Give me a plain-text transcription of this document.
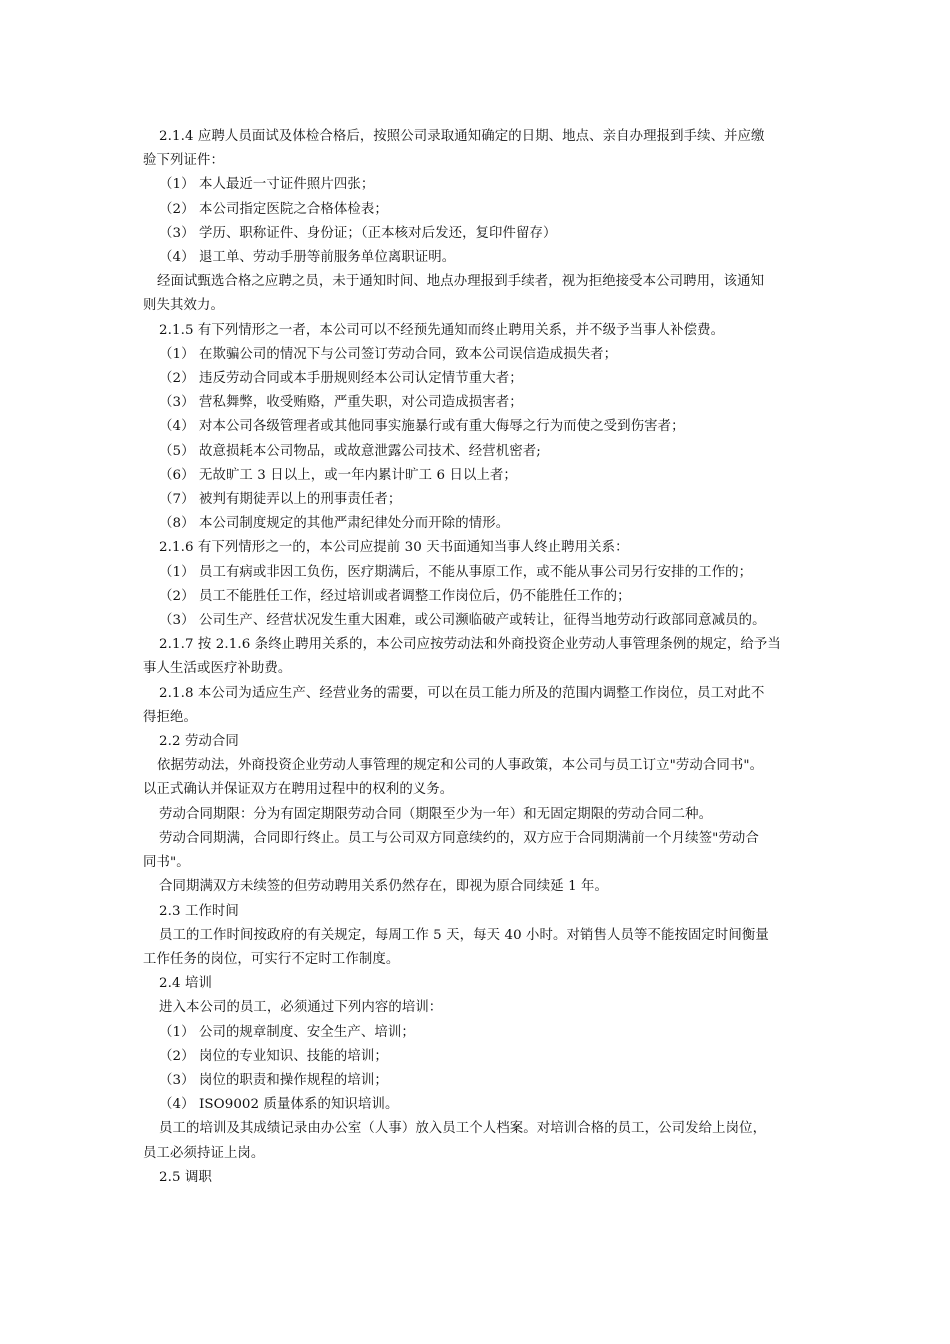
2.1.4 应聘人员面试及体检合格后，按照公司录取通知确定的日期、地点、亲自办理报到手续、并应缴
验下列证件：
（1） 本人最近一寸证件照片四张；
（2） 本公司指定医院之合格体检表；
（3） 学历、职称证件、身份证；（正本核对后发还，复印件留存）
（4） 退工单、劳动手册等前服务单位离职证明。
经面试甄选合格之应聘之员，未于通知时间、地点办理报到手续者，视为拒绝接受本公司聘用，该通知
则失其效力。
2.1.5 有下列情形之一者，本公司可以不经预先通知而终止聘用关系，并不级予当事人补偿费。
（1） 在欺骗公司的情况下与公司签订劳动合同，致本公司误信造成损失者；
（2） 违反劳动合同或本手册规则经本公司认定情节重大者；
（3） 营私舞弊，收受贿赂，严重失职，对公司造成损害者；
（4） 对本公司各级管理者或其他同事实施暴行或有重大侮辱之行为而使之受到伤害者；
（5） 故意损耗本公司物品，或故意泄露公司技术、经营机密者;
（6） 无故旷工 3 日以上，或一年内累计旷工 6 日以上者；
（7） 被判有期徒弄以上的刑事责任者；
（8） 本公司制度规定的其他严肃纪律处分而开除的情形。
2.1.6 有下列情形之一的，本公司应提前 30 天书面通知当事人终止聘用关系：
（1） 员工有病或非因工负伤，医疗期满后，不能从事原工作，或不能从事公司另行安排的工作的；
（2） 员工不能胜任工作，经过培训或者调整工作岗位后，仍不能胜任工作的；
（3） 公司生产、经营状况发生重大困难，或公司濒临破产或转让，征得当地劳动行政部同意减员的。
2.1.7 按 2.1.6 条终止聘用关系的，本公司应按劳动法和外商投资企业劳动人事管理条例的规定，给予当
事人生活或医疗补助费。
2.1.8 本公司为适应生产、经营业务的需要，可以在员工能力所及的范围内调整工作岗位，员工对此不
得拒绝。
2.2 劳动合同
依据劳动法，外商投资企业劳动人事管理的规定和公司的人事政策，本公司与员工订立"劳动合同书"。
以正式确认并保证双方在聘用过程中的权利的义务。
劳动合同期限：分为有固定期限劳动合同（期限至少为一年）和无固定期限的劳动合同二种。
劳动合同期满，合同即行终止。员工与公司双方同意续约的，双方应于合同期满前一个月续签"劳动合
同书"。
合同期满双方未续签的但劳动聘用关系仍然存在，即视为原合同续延 1 年。
2.3 工作时间
员工的工作时间按政府的有关规定，每周工作 5 天，每天 40 小时。对销售人员等不能按固定时间衡量
工作任务的岗位，可实行不定时工作制度。
2.4 培训
进入本公司的员工，必须通过下列内容的培训：
（1） 公司的规章制度、安全生产、培训；
（2） 岗位的专业知识、技能的培训；
（3） 岗位的职责和操作规程的培训；
（4） ISO9002 质量体系的知识培训。
员工的培训及其成绩记录由办公室（人事）放入员工个人档案。对培训合格的员工，公司发给上岗位，
员工必须持证上岗。
2.5 调职
